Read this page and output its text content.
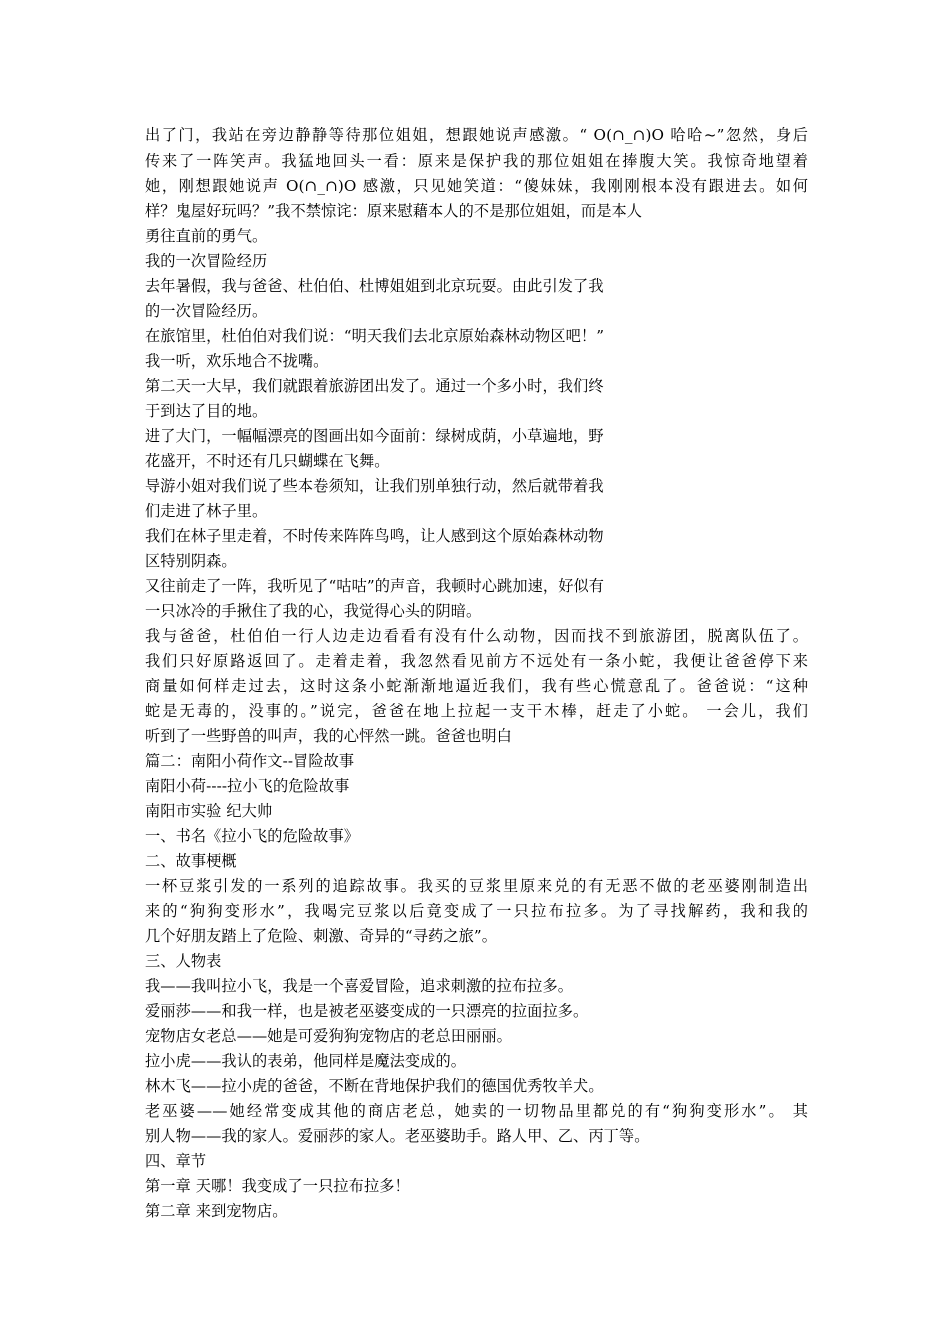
出了门，我站在旁边静静等待那位姐姐，想跟她说声感激。“ O(∩_∩)O 哈哈~”忽然，身后
传来了一阵笑声。我猛地回头一看：原来是保护我的那位姐姐在捧腹大笑。我惊奇地望着
她，刚想跟她说声 O(∩_∩)O 感激，只见她笑道：“傻妹妹，我刚刚根本没有跟进去。如何
样？鬼屋好玩吗？”我不禁惊诧：原来慰藉本人的不是那位姐姐，而是本人
勇往直前的勇气。
我的一次冒险经历
去年暑假，我与爸爸、杜伯伯、杜博姐姐到北京玩耍。由此引发了我
的一次冒险经历。
在旅馆里，杜伯伯对我们说：“明天我们去北京原始森林动物区吧！”
我一听，欢乐地合不拢嘴。
第二天一大早，我们就跟着旅游团出发了。通过一个多小时，我们终
于到达了目的地。
进了大门，一幅幅漂亮的图画出如今面前：绿树成荫，小草遍地，野
花盛开，不时还有几只蝴蝶在飞舞。
导游小姐对我们说了些本卷须知，让我们别单独行动，然后就带着我
们走进了林子里。
我们在林子里走着，不时传来阵阵鸟鸣，让人感到这个原始森林动物
区特别阴森。
又往前走了一阵，我听见了“咕咕”的声音，我顿时心跳加速，好似有
一只冰冷的手揪住了我的心，我觉得心头的阴暗。
我与爸爸，杜伯伯一行人边走边看看有没有什么动物，因而找不到旅游团，脱离队伍了。
我们只好原路返回了。走着走着，我忽然看见前方不远处有一条小蛇，我便让爸爸停下来
商量如何样走过去，这时这条小蛇渐渐地逼近我们，我有些心慌意乱了。爸爸说：“这种
蛇是无毒的，没事的。”说完，爸爸在地上拉起一支干木棒，赶走了小蛇。 一会儿，我们
听到了一些野兽的叫声，我的心怦然一跳。爸爸也明白
篇二：南阳小荷作文--冒险故事
南阳小荷----拉小飞的危险故事
南阳市实验 纪大帅
一、书名《拉小飞的危险故事》
二、故事梗概
一杯豆浆引发的一系列的追踪故事。我买的豆浆里原来兑的有无恶不做的老巫婆刚制造出
来的“狗狗变形水”，我喝完豆浆以后竟变成了一只拉布拉多。为了寻找解药，我和我的
几个好朋友踏上了危险、刺激、奇异的“寻药之旅”。
三、人物表
我——我叫拉小飞，我是一个喜爱冒险，追求刺激的拉布拉多。
爱丽莎——和我一样，也是被老巫婆变成的一只漂亮的拉面拉多。
宠物店女老总——她是可爱狗狗宠物店的老总田丽丽。
拉小虎——我认的表弟，他同样是魔法变成的。
林木飞——拉小虎的爸爸，不断在背地保护我们的德国优秀牧羊犬。
老巫婆——她经常变成其他的商店老总，她卖的一切物品里都兑的有“狗狗变形水”。 其
别人物——我的家人。爱丽莎的家人。老巫婆助手。路人甲、乙、丙丁等。
四、章节
第一章 天哪！我变成了一只拉布拉多！
第二章 来到宠物店。
